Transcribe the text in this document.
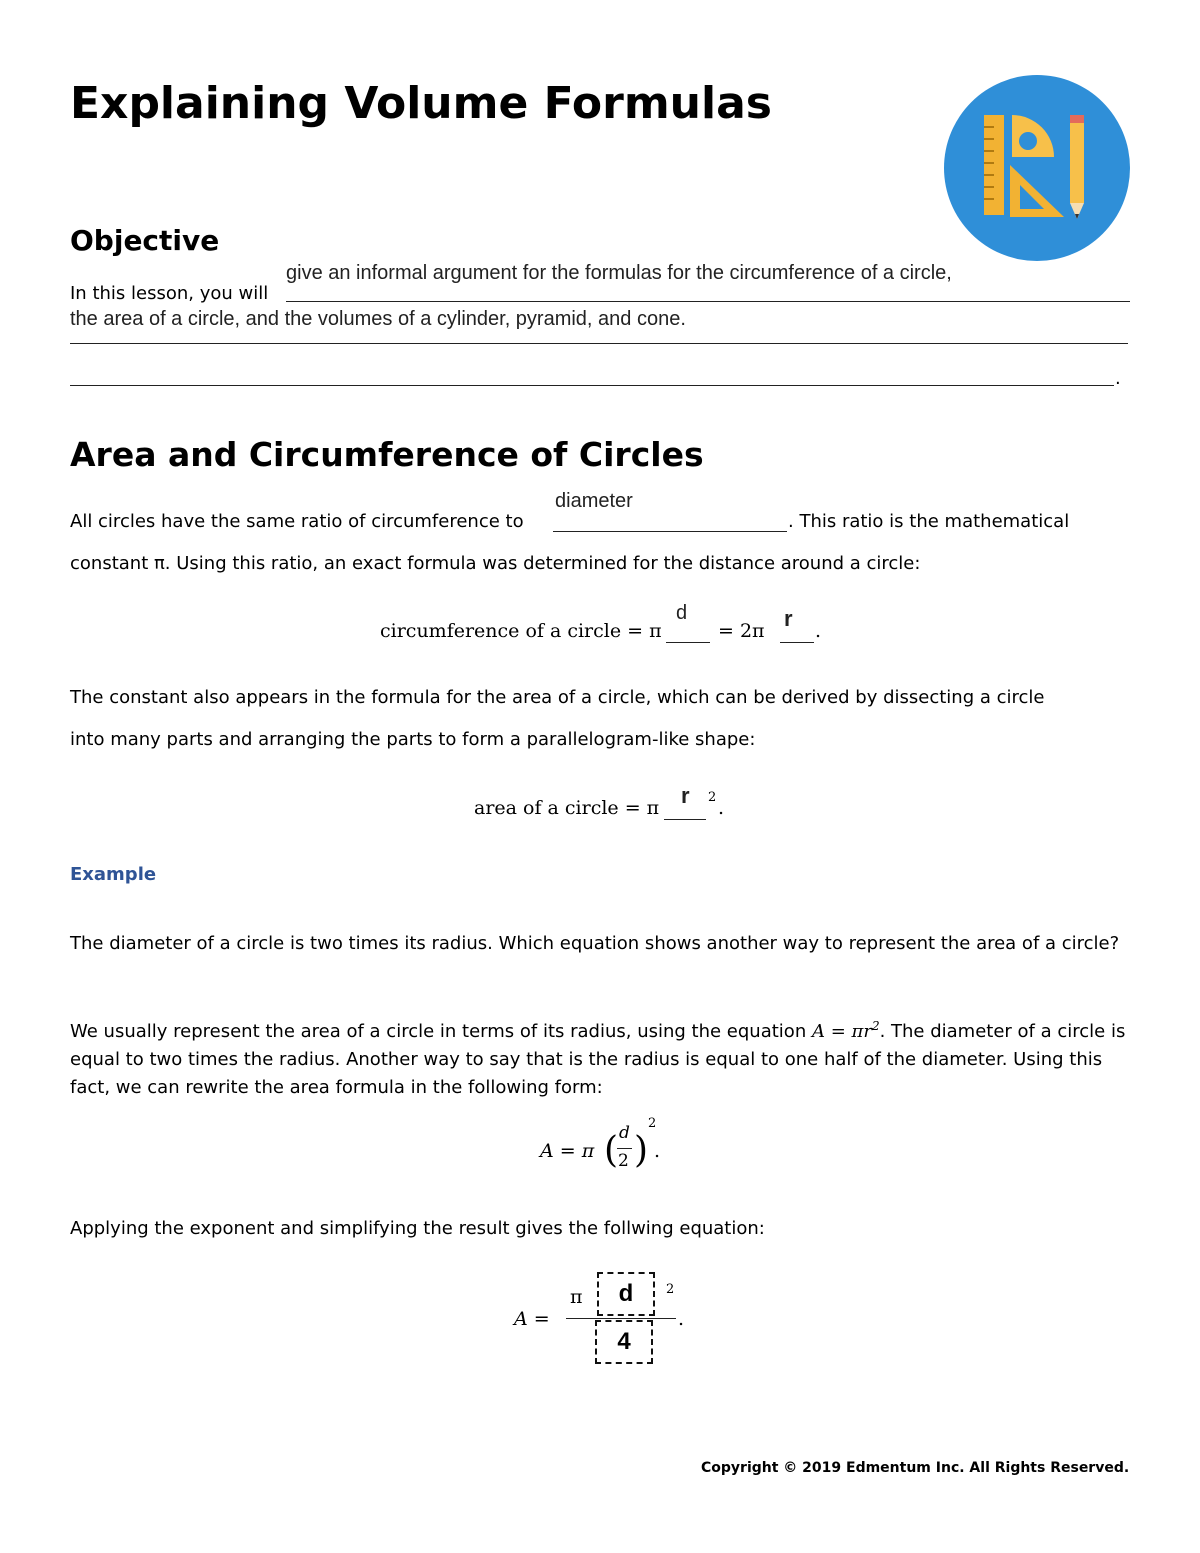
Explaining Volume Formulas
Objective
In this lesson, you will
give an informal argument for the formulas for the circumference of a circle,
the area of a circle, and the volumes of a cylinder, pyramid, and cone.
.
Area and Circumference of Circles
All circles have the same ratio of circumference to
diameter
. This ratio is the mathematical
constant π. Using this ratio, an exact formula was determined for the distance around a circle:
circumference of a circle = π
d
= 2π r .
The constant also appears in the formula for the area of a circle, which can be derived by dissecting a circle
into many parts and arranging the parts to form a parallelogram-like shape:
area of a circle = π r 2 .
Example
The diameter of a circle is two times its radius. Which equation shows another way to represent the area of a circle?
We usually represent the area of a circle in terms of its radius, using the equation $A = \pi r^2$. The diameter of a circle is equal to two times the radius. Another way to say that is the radius is equal to one half of the diameter. Using this fact, we can rewrite the area formula in the following form:
A = π ( d
2 )
2
.
Applying the exponent and simplifying the result gives the follwing equation:
A =
π	d	2
4
.
Copyright © 2019 Edmentum Inc. All Rights Reserved.
